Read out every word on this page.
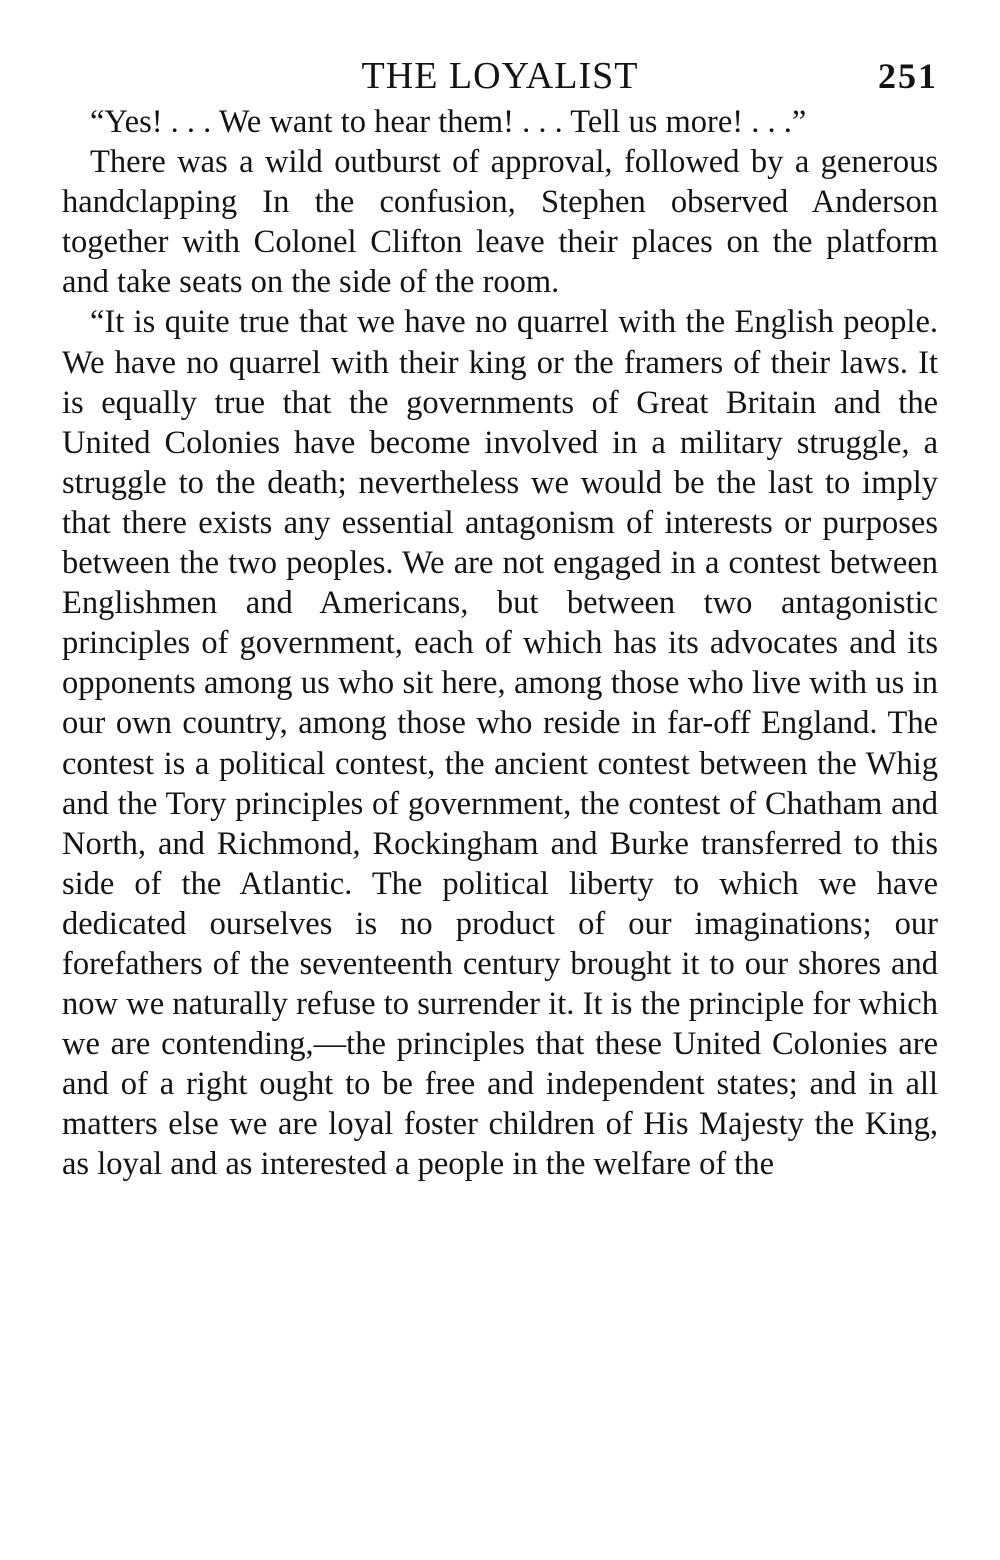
THE LOYALIST	251

“Yes! . . . We want to hear them! . . . Tell us more! . . .”

There was a wild outburst of approval, followed by a generous handclapping In the confusion, Stephen observed Anderson together with Colonel Clifton leave their places on the platform and take seats on the side of the room.

“It is quite true that we have no quarrel with the English people. We have no quarrel with their king or the framers of their laws. It is equally true that the governments of Great Britain and the United Colonies have become involved in a military struggle, a struggle to the death; nevertheless we would be the last to imply that there exists any essential antagonism of interests or purposes between the two peoples. We are not engaged in a contest between Englishmen and Americans, but between two antagonistic principles of government, each of which has its advocates and its opponents among us who sit here, among those who live with us in our own country, among those who reside in far-off England. The contest is a political contest, the ancient contest between the Whig and the Tory principles of government, the contest of Chatham and North, and Richmond, Rockingham and Burke transferred to this side of the Atlantic. The political liberty to which we have dedicated ourselves is no product of our imaginations; our forefathers of the seventeenth century brought it to our shores and now we naturally refuse to surrender it. It is the principle for which we are contending,—the principles that these United Colonies are and of a right ought to be free and independent states; and in all matters else we are loyal foster children of His Majesty the King, as loyal and as interested a people in the welfare of the
